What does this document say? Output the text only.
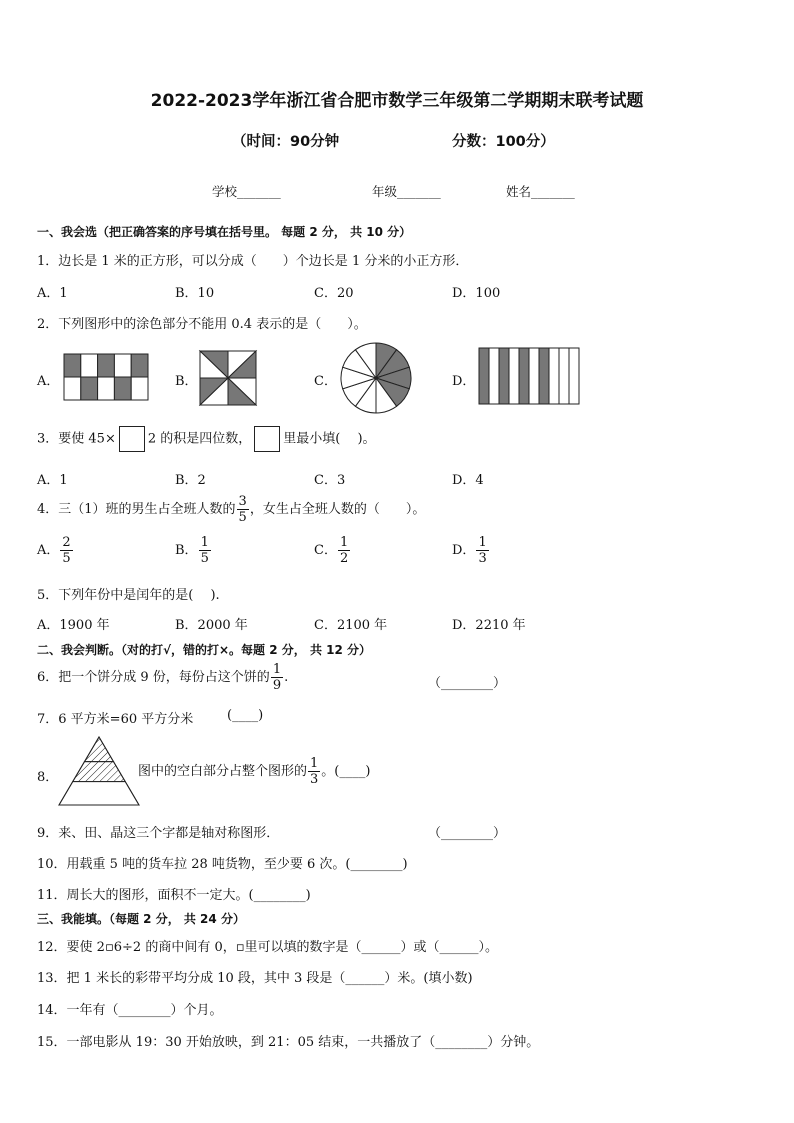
2022-2023学年浙江省合肥市数学三年级第二学期期末联考试题
（时间：90分钟	分数：100分）
学校_______	年级_______	姓名_______
一、我会选（把正确答案的序号填在括号里。 每题 2 分， 共 10 分）
1．边长是 1 米的正方形，可以分成（　　）个边长是 1 分米的小正方形．
A．1	B．10	C．20	D．100
2．下列图形中的涂色部分不能用 0.4 表示的是（　　）。
A．	B．	C．	D．
3．要使 45× 2 的积是四位数， 里最小填(　 )。
A．1	B．2	C．3	D．4
4．三（1）班的男生占全班人数的 $\frac{3}{5}$ ，女生占全班人数的（　　）。
A． $\frac{2}{5}$	B． $\frac{1}{5}$	C． $\frac{1}{2}$	D． $\frac{1}{3}$
5．下列年份中是闰年的是(　 ).
A．1900 年	B．2000 年	C．2100 年	D．2210 年
二、我会判断。（对的打√，错的打×。每题 2 分， 共 12 分）
6．把一个饼分成 9 份，每份占这个饼的 $\frac{1}{9}$ .	（________）
7．6 平方米=60 平方分米	(____)
8．	图中的空白部分占整个图形的 $\frac{1}{3}$ 。(____)
9．来、田、晶这三个字都是轴对称图形．	（________）
10．用载重 5 吨的货车拉 28 吨货物，至少要 6 次。(________)
11．周长大的图形，面积不一定大。(________)
三、我能填。（每题 2 分， 共 24 分）
12．要使 2▫6÷2 的商中间有 0，▫里可以填的数字是（______）或（______）。
13．把 1 米长的彩带平均分成 10 段，其中 3 段是（______）米。(填小数)
14．一年有（________）个月。
15．一部电影从 19：30 开始放映，到 21：05 结束，一共播放了（________）分钟。
